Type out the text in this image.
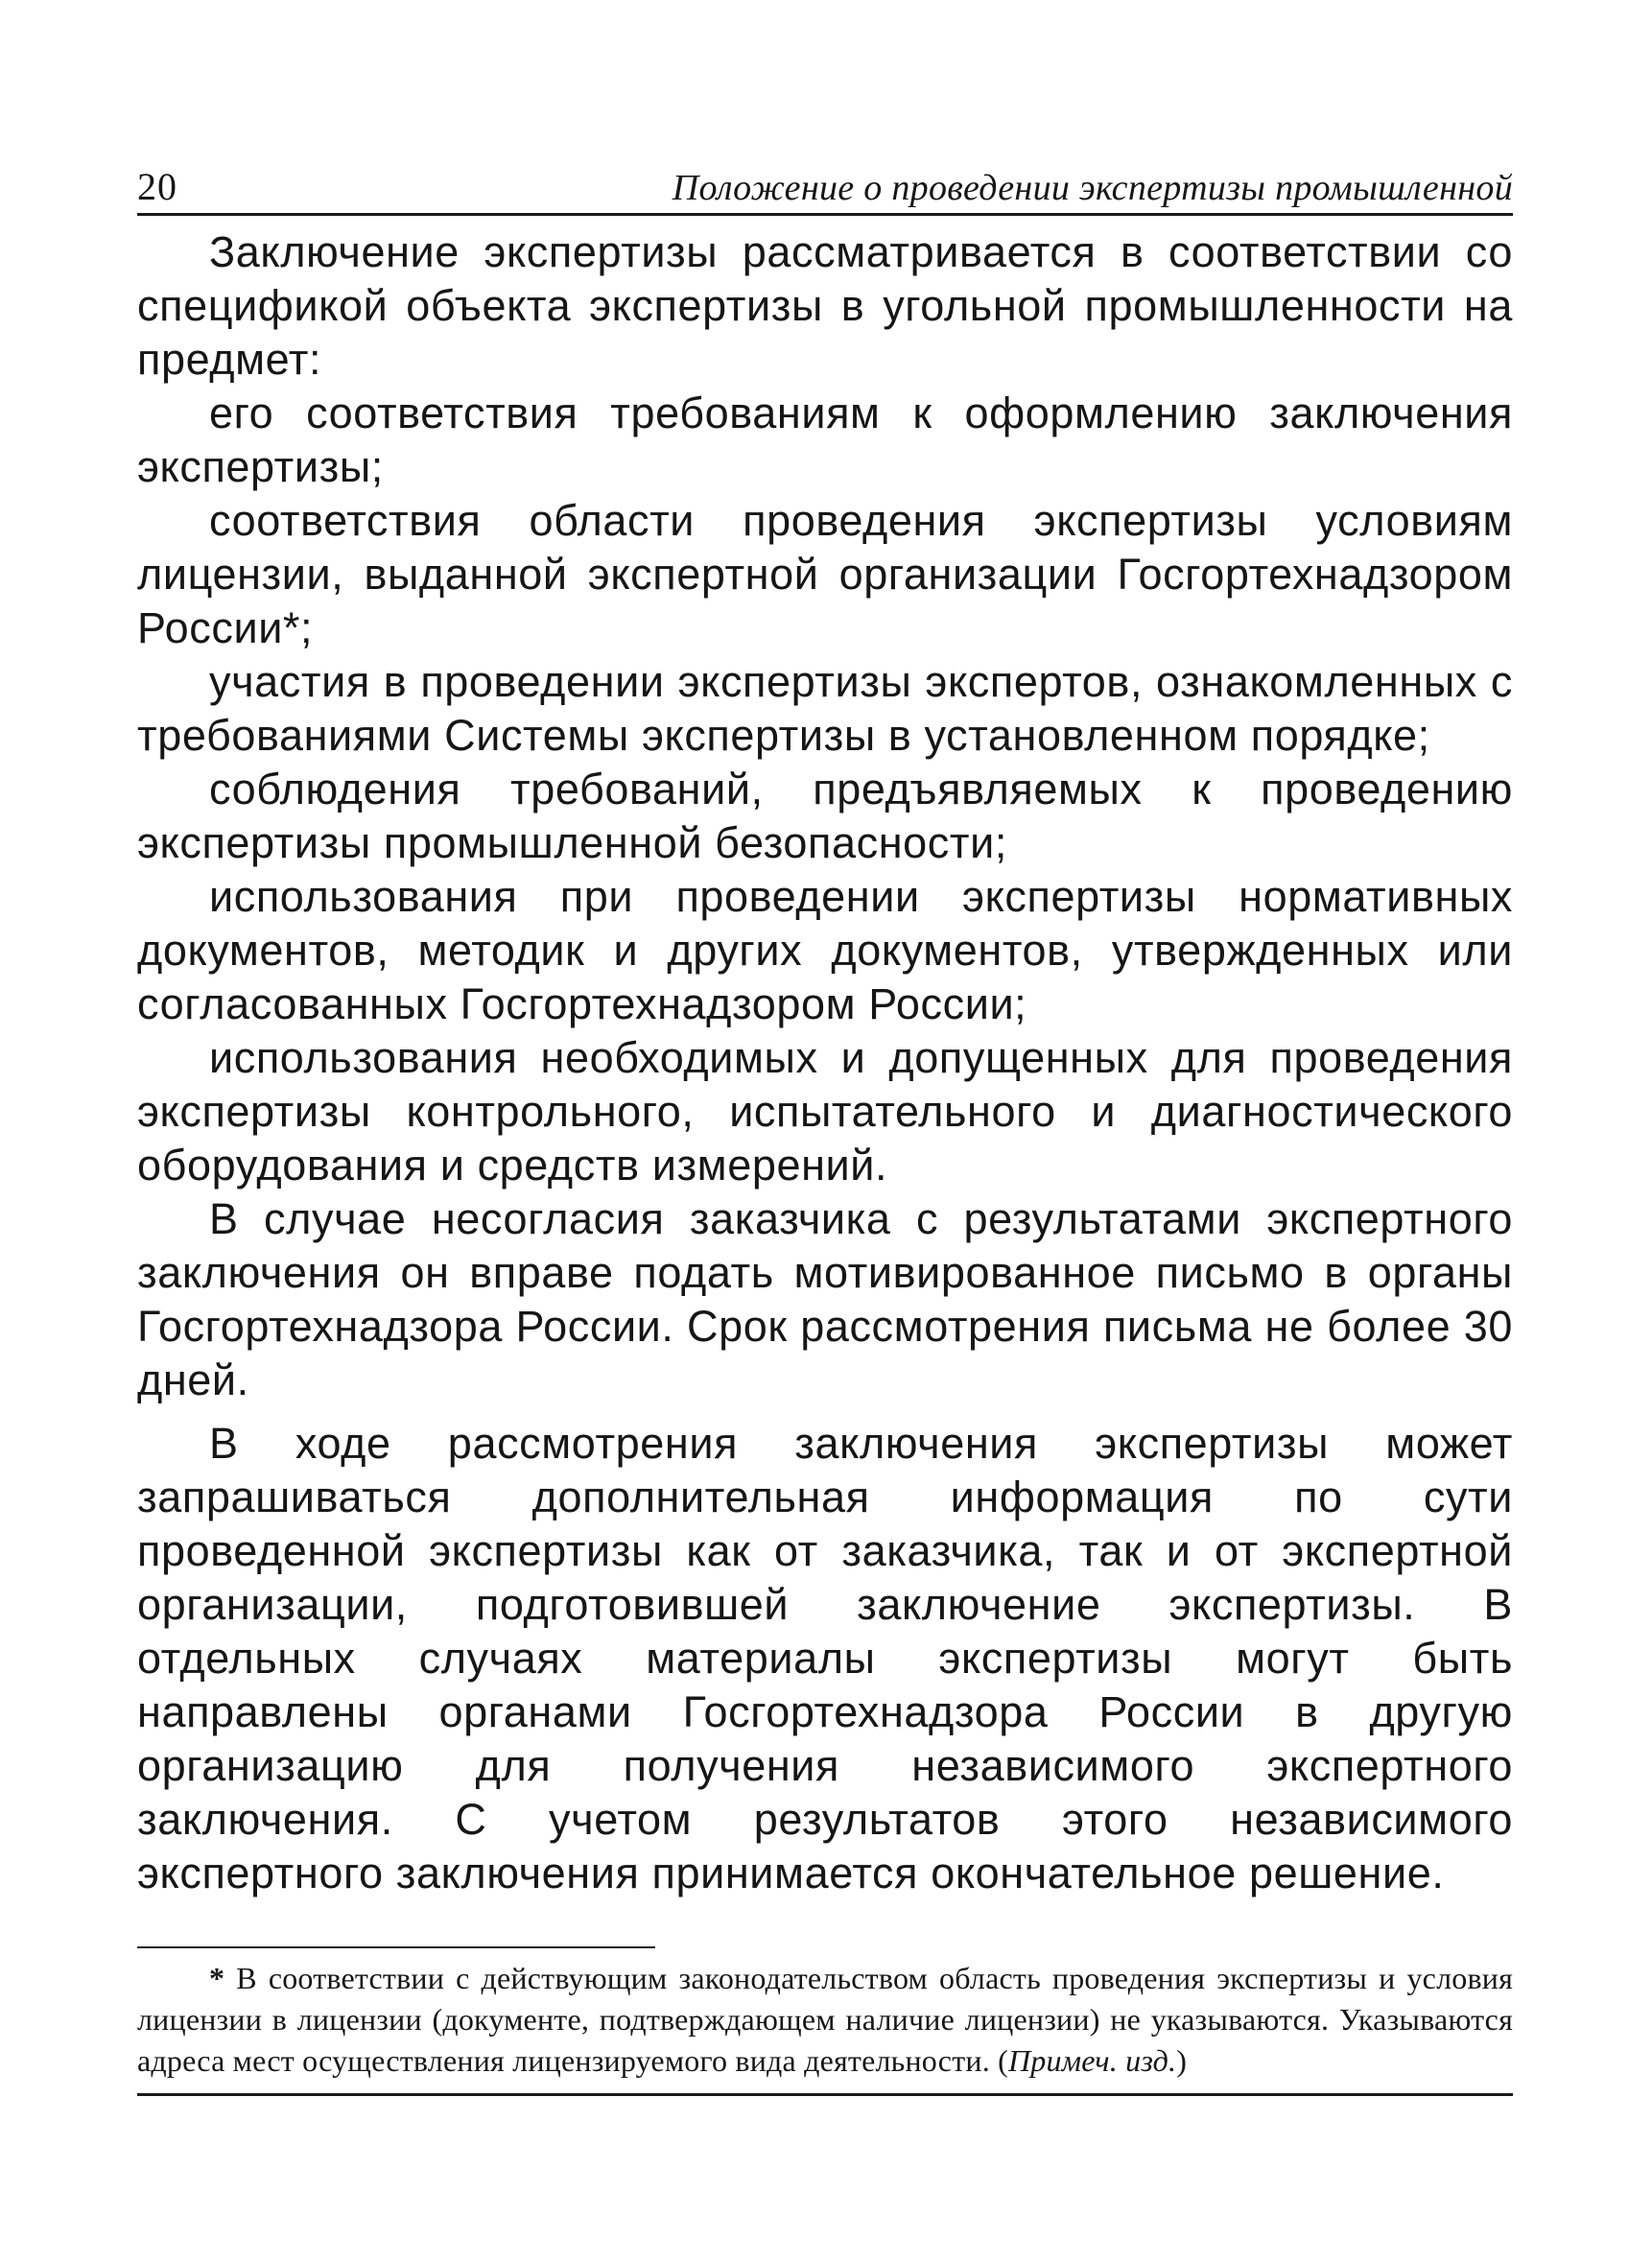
20	Положение о проведении экспертизы промышленной

Заключение экспертизы рассматривается в соответствии со спецификой объекта экспертизы в угольной промышленности на предмет:

его соответствия требованиям к оформлению заключения экспертизы;

соответствия области проведения экспертизы условиям лицензии, выданной экспертной организации Госгортехнадзором России*;

участия в проведении экспертизы экспертов, ознакомленных с требованиями Системы экспертизы в установленном порядке;

соблюдения требований, предъявляемых к проведению экспертизы промышленной безопасности;

использования при проведении экспертизы нормативных документов, методик и других документов, утвержденных или согласованных Госгортехнадзором России;

использования необходимых и допущенных для проведения экспертизы контрольного, испытательного и диагностического оборудования и средств измерений.

В случае несогласия заказчика с результатами экспертного заключения он вправе подать мотивированное письмо в органы Госгортехнадзора России. Срок рассмотрения письма не более 30 дней.

В ходе рассмотрения заключения экспертизы может запрашиваться дополнительная информация по сути проведенной экспертизы как от заказчика, так и от экспертной организации, подготовившей заключение экспертизы. В отдельных случаях материалы экспертизы могут быть направлены органами Госгортехнадзора России в другую организацию для получения независимого экспертного заключения. С учетом результатов этого независимого экспертного заключения принимается окончательное решение.

* В соответствии с действующим законодательством область проведения экспертизы и условия лицензии в лицензии (документе, подтверждающем наличие лицензии) не указываются. Указываются адреса мест осуществления лицензируемого вида деятельности. (Примеч. изд.)
